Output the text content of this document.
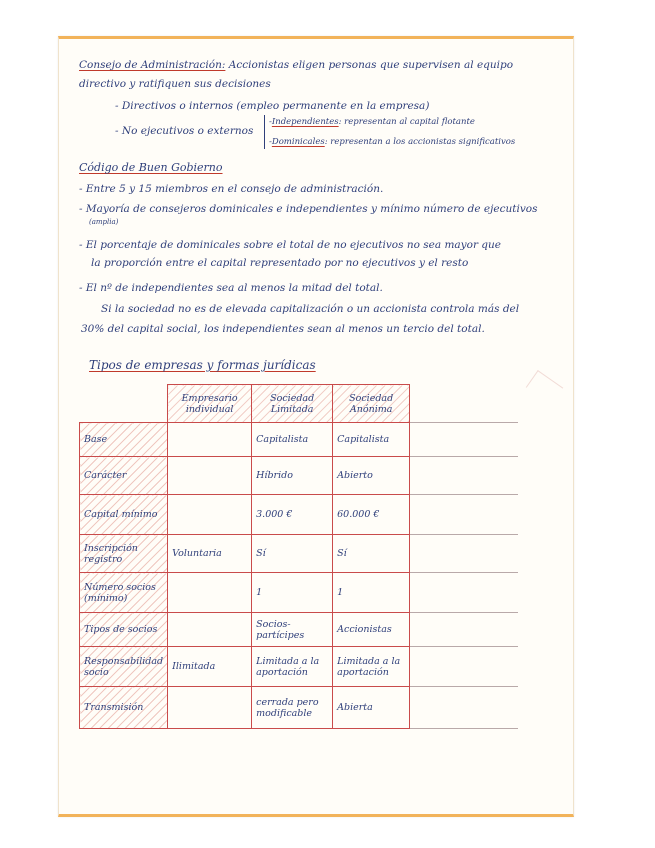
Consejo de Administración: Accionistas eligen personas que supervisen al equipo
directivo y ratifiquen sus decisiones
- Directivos o internos (empleo permanente en la empresa)
- No ejecutivos o externos
-Independientes: representan al capital flotante
-Dominicales: representan a los accionistas significativos
Código de Buen Gobierno
- Entre 5 y 15 miembros en el consejo de administración.
- Mayoría de consejeros dominicales e independientes y mínimo número de ejecutivos
(amplia)
- El porcentaje de dominicales sobre el total de no ejecutivos no sea mayor que
la proporción entre el capital representado por no ejecutivos y el resto
- El nº de independientes sea al menos la mitad del total.
Si la sociedad no es de elevada capitalización o un accionista controla más del
30% del capital social, los independientes sean al menos un tercio del total.
Tipos de empresas y formas jurídicas
	Empresario individual	Sociedad Limitada	Sociedad Anónima	
Base		Capitalista	Capitalista	
Carácter		Híbrido	Abierto	
Capital mínimo		3.000 €	60.000 €	
Inscripción registro	Voluntaria	Sí	Sí	
Número socios (mínimo)		1	1	
Tipos de socios		Socios-partícipes	Accionistas	
Responsabilidad socio	Ilimitada	Limitada a la aportación	Limitada a la aportación	
Transmisión		cerrada pero modificable	Abierta	
